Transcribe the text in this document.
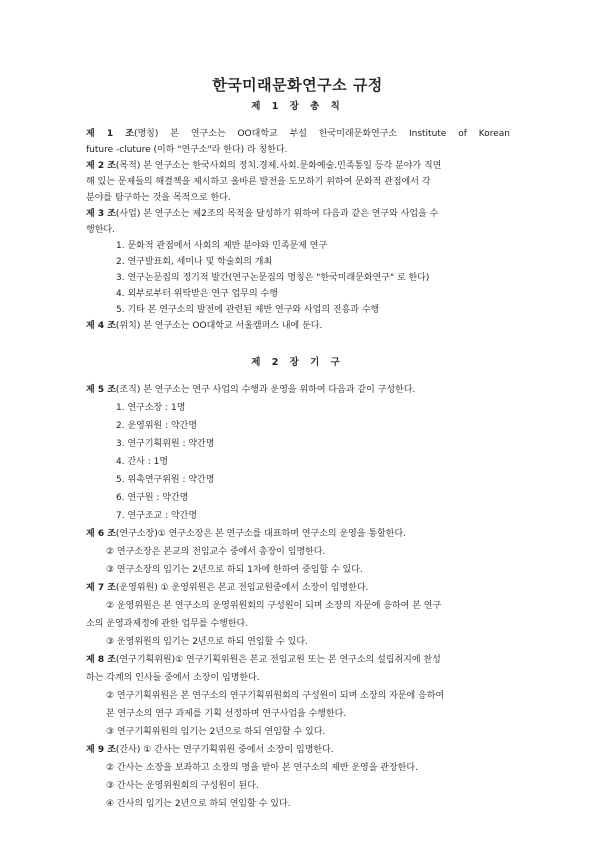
한국미래문화연구소 규정
제 1 장 총 칙
제 1 조(명칭) 본 연구소는 OO대학교 부설 한국미래문화연구소 Institute of Korean
future -cluture (이하 "연구소"라 한다) 라 칭한다.
제 2 조(목적) 본 연구소는 한국사회의 정치.경제.사회.문화예술.민족통일 등각 분야가 직면
해 있는 문제들의 해결책을 제시하고 올바른 발전을 도모하기 위하여 문화적 관점에서 각
분야를 탐구하는 것을 목적으로 한다.
제 3 조(사업) 본 연구소는 제2조의 목적을 달성하기 위하여 다음과 같은 연구와 사업을 수
행한다.
1. 문화적 관점에서 사회의 제반 분야와 민족문제 연구
2. 연구발표회, 세미나 및 학술회의 개최
3. 연구논문집의 정기적 발간(연구논문집의 명칭은 "한국미래문화연구" 로 한다)
4. 외부로부터 위탁받은 연구 업무의 수행
5. 기타 본 연구소의 발전에 관련된 제반 연구와 사업의 진흥과 수행
제 4 조(위치) 본 연구소는 OO대학교 서울캠퍼스 내에 둔다.
제 2 장 기 구
제 5 조(조직) 본 연구소는 연구 사업의 수행과 운영을 위하여 다음과 같이 구성한다.
1. 연구소장 : 1명
2. 운영위원 : 약간명
3. 연구기획위원 : 약간명
4. 간사 : 1명
5. 위촉연구위원 : 약간명
6. 연구원 : 약간명
7. 연구조교 : 약간명
제 6 조(연구소장)① 연구소장은 본 연구소를 대표하며 연구소의 운영을 통할한다.
② 연구소장은 본교의 전임교수 중에서 총장이 임명한다.
③ 연구소장의 임기는 2년으로 하되 1차에 한하여 중임할 수 있다.
제 7 조(운영위원) ① 운영위원은 본교 전임교원중에서 소장이 임명한다.
② 운영위원은 본 연구소의 운영위원회의 구성원이 되며 소장의 자문에 응하여 본 연구
소의 운영과제정에 관한 업무를 수행한다.
③ 운영위원의 임기는 2년으로 하되 연임할 수 있다.
제 8 조(연구기획위원)① 연구기획위원은 본교 전임교원 또는 본 연구소의 설립취지에 찬성
하는 각계의 인사들 중에서 소장이 임명한다.
② 연구기획위원은 본 연구소의 연구기획위원회의 구성원이 되며 소장의 자문에 응하여
본 연구소의 연구 과제를 기획 선정하며 연구사업을 수행한다.
③ 연구기획위원의 임기는 2년으로 하되 연임할 수 있다.
제 9 조(간사) ① 간사는 연구기획위원 중에서 소장이 임명한다.
② 간사는 소장을 보좌하고 소장의 명을 받아 본 연구소의 제반 운영을 관장한다.
③ 간사는 운영위원회의 구성원이 된다.
④ 간사의 임기는 2년으로 하되 연임할 수 있다.
